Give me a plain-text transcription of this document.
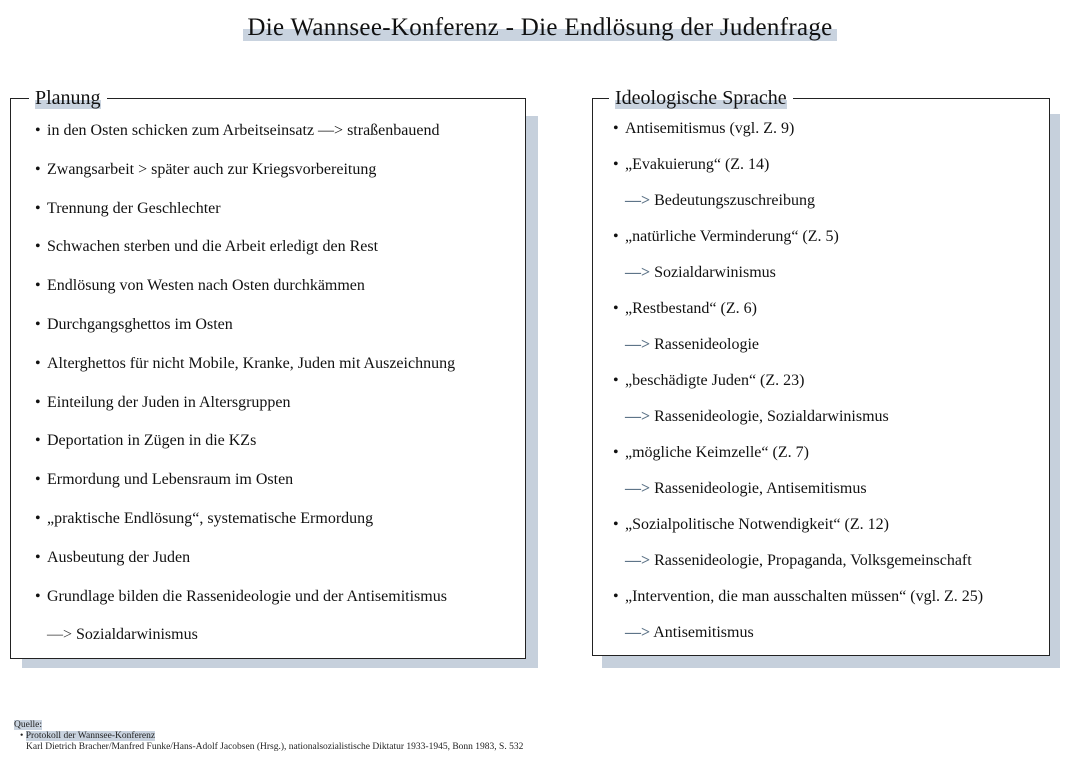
Die Wannsee-Konferenz - Die Endlösung der Judenfrage
Planung
• in den Osten schicken zum Arbeitseinsatz —> straßenbauend
• Zwangsarbeit > später auch zur Kriegsvorbereitung
• Trennung der Geschlechter
• Schwachen sterben und die Arbeit erledigt den Rest
• Endlösung von Westen nach Osten durchkämmen
• Durchgangsghettos im Osten
• Alterghettos für nicht Mobile, Kranke, Juden mit Auszeichnung
• Einteilung der Juden in Altersgruppen
• Deportation in Zügen in die KZs
• Ermordung und Lebensraum im Osten
• „praktische Endlösung“, systematische Ermordung
• Ausbeutung der Juden
• Grundlage bilden die Rassenideologie und der Antisemitismus
—> Sozialdarwinismus
Ideologische Sprache
• Antisemitismus (vgl. Z. 9)
• „Evakuierung“ (Z. 14)
—> Bedeutungszuschreibung
• „natürliche Verminderung“ (Z. 5)
—> Sozialdarwinismus
• „Restbestand“ (Z. 6)
—> Rassenideologie
• „beschädigte Juden“ (Z. 23)
—> Rassenideologie, Sozialdarwinismus
• „mögliche Keimzelle“ (Z. 7)
—> Rassenideologie, Antisemitismus
• „Sozialpolitische Notwendigkeit“ (Z. 12)
—> Rassenideologie, Propaganda, Volksgemeinschaft
• „Intervention, die man ausschalten müssen“ (vgl. Z. 25)
—> Antisemitismus
Quelle:
• Protokoll der Wannsee-Konferenz
Karl Dietrich Bracher/Manfred Funke/Hans-Adolf Jacobsen (Hrsg.), nationalsozialistische Diktatur 1933-1945, Bonn 1983, S. 532
